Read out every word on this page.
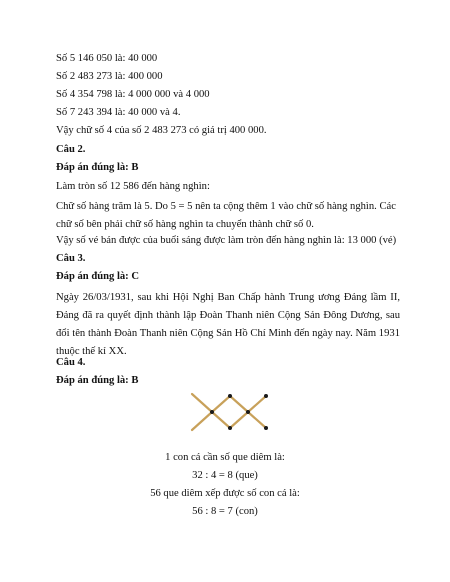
Số 5 146 050 là: 40 000
Số 2 483 273 là: 400 000
Số 4 354 798 là: 4 000 000 và 4 000
Số 7 243 394 là: 40 000 và 4.
Vậy chữ số 4 của số 2 483 273 có giá trị 400 000.
Câu 2.
Đáp án đúng là: B
Làm tròn số 12 586 đến hàng nghìn:
Chữ số hàng trăm là 5. Do 5 = 5 nên ta cộng thêm 1 vào chữ số hàng nghìn. Các chữ số bên phải chữ số hàng nghìn ta chuyển thành chữ số 0.
Vậy số vé bán được của buổi sáng được làm tròn đến hàng nghìn là: 13 000 (vé)
Câu 3.
Đáp án đúng là: C
Ngày 26/03/1931, sau khi Hội Nghị Ban Chấp hành Trung ương Đảng lầm II, Đảng đã ra quyết định thành lập Đoàn Thanh niên Cộng Sản Đông Dương, sau đổi tên thành Đoàn Thanh niên Cộng Sản Hồ Chí Minh đến ngày nay. Năm 1931 thuộc thế kỉ XX.
Câu 4.
Đáp án đúng là: B
1 con cá cần số que diêm là:
32 : 4 = 8 (que)
56 que diêm xếp được số con cá là:
56 : 8 = 7 (con)
